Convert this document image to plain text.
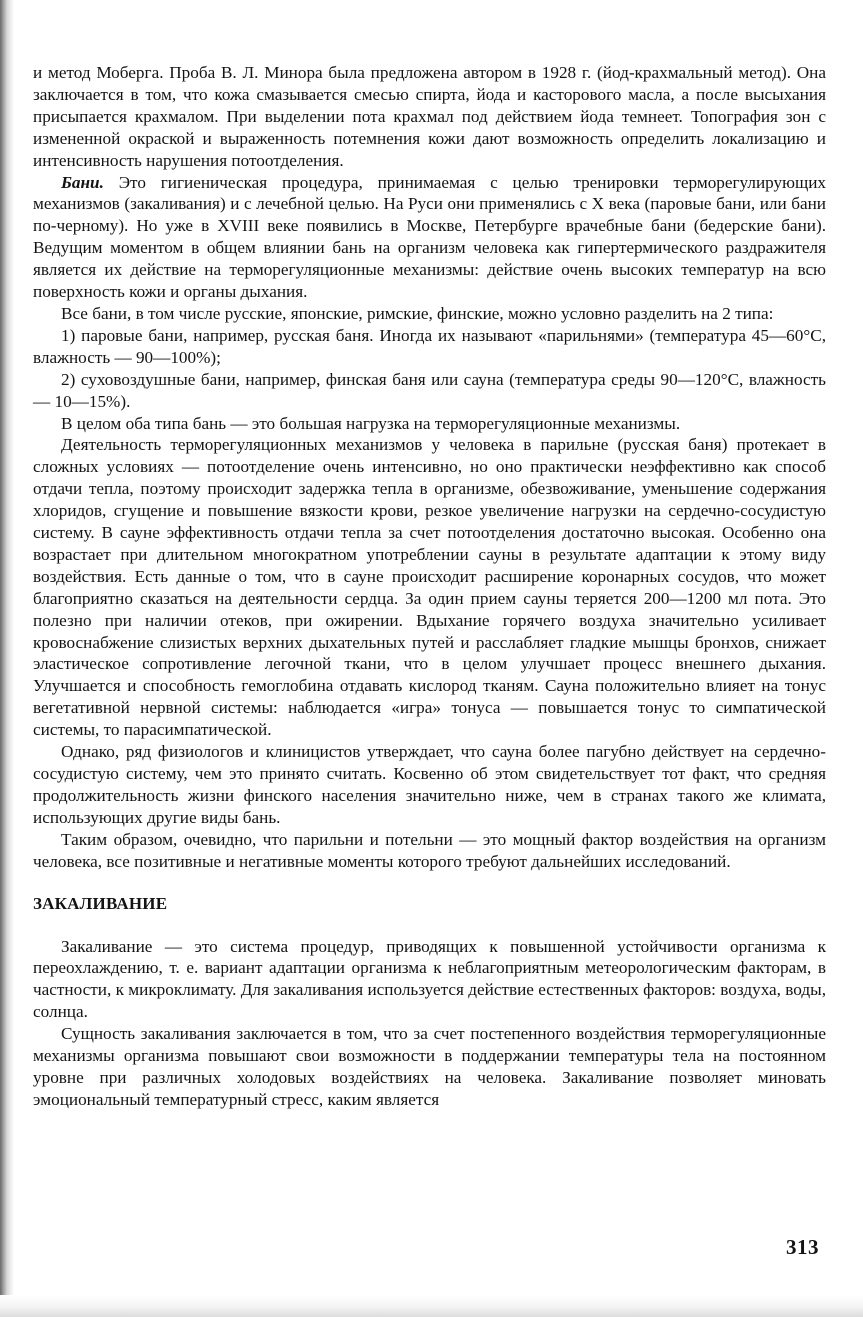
и метод Моберга. Проба В. Л. Минора была предложена автором в 1928 г. (йод-крахмальный метод). Она заключается в том, что кожа смазывается смесью спирта, йода и касторового масла, а после высыхания присыпается крахмалом. При выделении пота крахмал под действием йода темнеет. Топография зон с измененной окраской и выраженность потемнения кожи дают возможность определить локализацию и интенсивность нарушения потоотделения.

Бани. Это гигиеническая процедура, принимаемая с целью тренировки терморегулирующих механизмов (закаливания) и с лечебной целью. На Руси они применялись с X века (паровые бани, или бани по-черному). Но уже в XVIII веке появились в Москве, Петербурге врачебные бани (бедерские бани). Ведущим моментом в общем влиянии бань на организм человека как гипертермического раздражителя является их действие на терморегуляционные механизмы: действие очень высоких температур на всю поверхность кожи и органы дыхания.

Все бани, в том числе русские, японские, римские, финские, можно условно разделить на 2 типа:

1) паровые бани, например, русская баня. Иногда их называют «парильнями» (температура 45—60°С, влажность — 90—100%);

2) суховоздушные бани, например, финская баня или сауна (температура среды 90—120°С, влажность — 10—15%).

В целом оба типа бань — это большая нагрузка на терморегуляционные механизмы.

Деятельность терморегуляционных механизмов у человека в парильне (русская баня) протекает в сложных условиях — потоотделение очень интенсивно, но оно практически неэффективно как способ отдачи тепла, поэтому происходит задержка тепла в организме, обезвоживание, уменьшение содержания хлоридов, сгущение и повышение вязкости крови, резкое увеличение нагрузки на сердечно-сосудистую систему. В сауне эффективность отдачи тепла за счет потоотделения достаточно высокая. Особенно она возрастает при длительном многократном употреблении сауны в результате адаптации к этому виду воздействия. Есть данные о том, что в сауне происходит расширение коронарных сосудов, что может благоприятно сказаться на деятельности сердца. За один прием сауны теряется 200—1200 мл пота. Это полезно при наличии отеков, при ожирении. Вдыхание горячего воздуха значительно усиливает кровоснабжение слизистых верхних дыхательных путей и расслабляет гладкие мышцы бронхов, снижает эластическое сопротивление легочной ткани, что в целом улучшает процесс внешнего дыхания. Улучшается и способность гемоглобина отдавать кислород тканям. Сауна положительно влияет на тонус вегетативной нервной системы: наблюдается «игра» тонуса — повышается тонус то симпатической системы, то парасимпатической.

Однако, ряд физиологов и клиницистов утверждает, что сауна более пагубно действует на сердечно-сосудистую систему, чем это принято считать. Косвенно об этом свидетельствует тот факт, что средняя продолжительность жизни финского населения значительно ниже, чем в странах такого же климата, использующих другие виды бань.

Таким образом, очевидно, что парильни и потельни — это мощный фактор воздействия на организм человека, все позитивные и негативные моменты которого требуют дальнейших исследований.

ЗАКАЛИВАНИЕ

Закаливание — это система процедур, приводящих к повышенной устойчивости организма к переохлаждению, т. е. вариант адаптации организма к неблагоприятным метеорологическим факторам, в частности, к микроклимату. Для закаливания используется действие естественных факторов: воздуха, воды, солнца.

Сущность закаливания заключается в том, что за счет постепенного воздействия терморегуляционные механизмы организма повышают свои возможности в поддержании температуры тела на постоянном уровне при различных холодовых воздействиях на человека. Закаливание позволяет миновать эмоциональный температурный стресс, каким является

313
